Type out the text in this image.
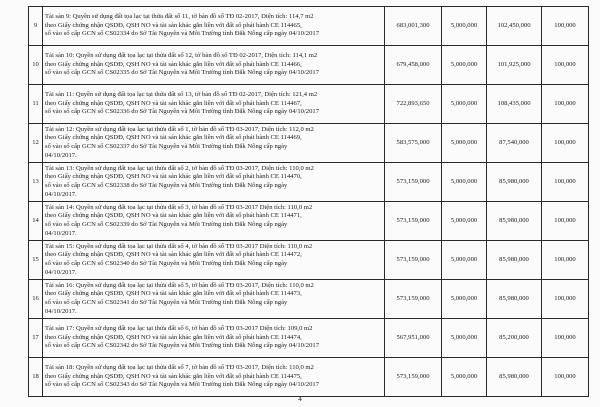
9	Tài sản 9: Quyền sử dụng đất tọa lạc tại thửa đất số 11, tờ bản đồ số TĐ 02-2017, Diện tích: 114,7 m2
theo Giấy chứng nhận QSDĐ, QSH NO và tài sản khác gắn liền với đất số phát hành CE 114465,
số vào sổ cấp GCN số CS02334 do Sở Tài Nguyên và Môi Trường tỉnh Đắk Nông cấp ngày 04/10/2017	683,001,300	5,000,000	102,450,000	100,000
10	Tài sản 10: Quyền sử dụng đất tọa lạc tại thửa đất số 12, tờ bản đồ số TĐ 02-2017, Diện tích: 114,1 m2
theo Giấy chứng nhận QSDĐ, QSH NO và tài sản khác gắn liền với đất số phát hành CE 114466,
số vào sổ cấp GCN số CS02335 do Sở Tài Nguyên và Môi Trường tỉnh Đắk Nông cấp ngày 04/10/2017	679,458,000	5,000,000	101,925,000	100,000
11	Tài sản 11: Quyền sử dụng đất tọa lạc tại thửa đất số 13, tờ bản đồ số TĐ 02-2017, Diện tích: 121,4 m2
theo Giấy chứng nhận QSDĐ, QSH NO và tài sản khác gắn liền với đất số phát hành CE 114467,
số vào sổ cấp GCN số CS02336 do Sở Tài Nguyên và Môi Trường tỉnh Đắk Nông cấp ngày 04/10/2017	722,893,650	5,000,000	108,435,000	100,000
12	Tài sản 12: Quyền sử dụng đất tọa lạc tại thửa đất số 1, tờ bản đồ số TĐ 03-2017, Diện tích: 112,0 m2
theo Giấy chứng nhận QSDĐ, QSH NO và tài sản khác gắn liền với đất số phát hành CE 114469,
số vào sổ cấp GCN số CS02337 do Sở Tài Nguyên và Môi Trường tỉnh Đắk Nông cấp ngày
04/10/2017.	583,575,000	5,000,000	87,540,000	100,000
13	Tài sản 13: Quyền sử dụng đất tọa lạc tại thửa đất số 2, tờ bản đồ số TĐ 03-2017, Diện tích: 110,0 m2
theo Giấy chứng nhận QSDĐ, QSH NO và tài sản khác gắn liền với đất số phát hành CE 114470,
số vào sổ cấp GCN số CS02338 do Sở Tài Nguyên và Môi Trường tỉnh Đắk Nông cấp ngày
04/10/2017.	573,159,000	5,000,000	85,980,000	100,000
14	Tài sản 14: Quyền sử dụng đất tọa lạc tại thửa đất số 3, tờ bản đồ số TĐ 03-2017 Diện tích: 110,0 m2
theo Giấy chứng nhận QSDĐ, QSH NO và tài sản khác gắn liền với đất số phát hành CE 114471,
số vào sổ cấp GCN số CS02339 do Sở Tài Nguyên và Môi Trường tỉnh Đắk Nông cấp ngày
04/10/2017.	573,159,000	5,000,000	85,980,000	100,000
15	Tài sản 15: Quyền sử dụng đất tọa lạc tại thửa đất số 4, tờ bản đồ số TĐ 03-2017 Diện tích: 110,0 m2
theo Giấy chứng nhận QSDĐ, QSH NO và tài sản khác gắn liền với đất số phát hành CE 114472,
số vào sổ cấp GCN số CS02340 do Sở Tài Nguyên và Môi Trường tỉnh Đắk Nông cấp ngày
04/10/2017.	573,159,000	5,000,000	85,980,000	100,000
16	Tài sản 16: Quyền sử dụng đất tọa lạc tại thửa đất số 5, tờ bản đồ số TĐ 03-2017, Diện tích: 110,0 m2
theo Giấy chứng nhận QSDĐ, QSH NO và tài sản khác gắn liền với đất số phát hành CE 114473,
số vào sổ cấp GCN số CS02341 do Sở Tài Nguyên và Môi Trường tỉnh Đắk Nông cấp ngày
04/10/2017.	573,159,000	5,000,000	85,980,000	100,000
17	Tài sản 17: Quyền sử dụng đất tọa lạc tại thửa đất số 6, tờ bản đồ số TĐ 03-2017 Diện tích: 109,0 m2
theo Giấy chứng nhận QSDĐ, QSH NO và tài sản khác gắn liền với đất số phát hành CE 114474,
số vào sổ cấp GCN số CS02342 do Sở Tài Nguyên và Môi Trường tỉnh Đắk Nông cấp ngày 04/10/2017	567,951,000	5,000,000	85,200,000	100,000
18	Tài sản 18: Quyền sử dụng đất tọa lạc tại thửa đất số 7, tờ bản đồ số TĐ 03-2017, Diện tích: 110,0 m2
theo Giấy chứng nhận QSDĐ, QSH NO và tài sản khác gắn liền với đất số phát hành CE 114475,
số vào sổ cấp GCN số CS02343 do Sở Tài Nguyên và Môi Trường tỉnh Đắk Nông cấp ngày 04/10/2017	573,159,000	5,000,000	85,980,000	100,000
4
